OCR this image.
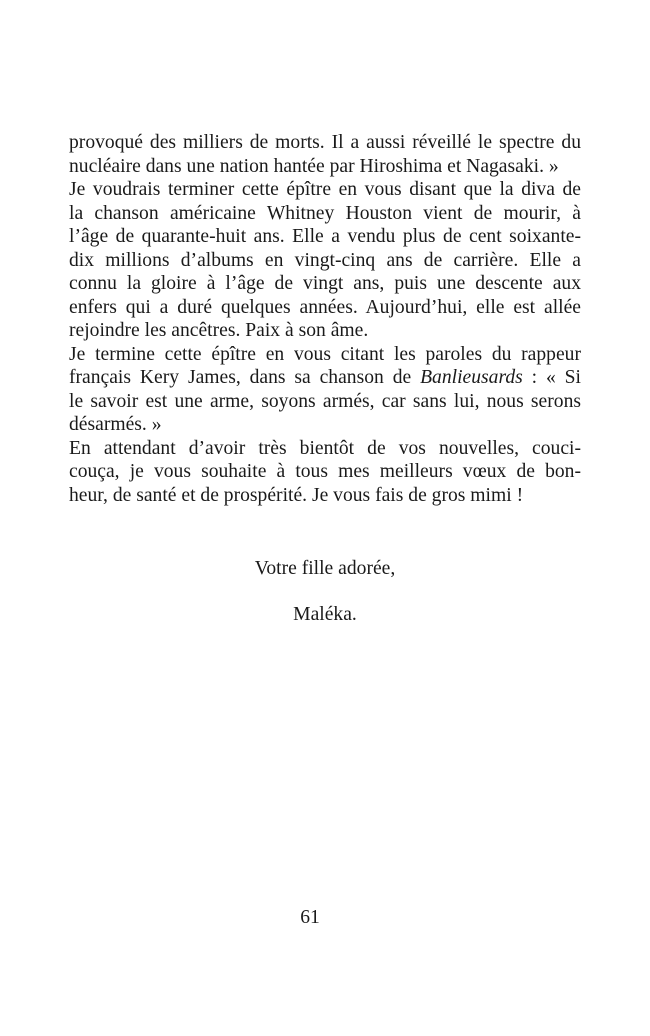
provoqué des milliers de morts. Il a aussi réveillé le spectre du
nucléaire dans une nation hantée par Hiroshima et Nagasaki. »
Je voudrais terminer cette épître en vous disant que la diva de
la chanson américaine Whitney Houston vient de mourir, à
l’âge de quarante-huit ans. Elle a vendu plus de cent soixante-
dix millions d’albums en vingt-cinq ans de carrière. Elle a
connu la gloire à l’âge de vingt ans, puis une descente aux
enfers qui a duré quelques années. Aujourd’hui, elle est allée
rejoindre les ancêtres. Paix à son âme.
Je termine cette épître en vous citant les paroles du rappeur
français Kery James, dans sa chanson de Banlieusards : « Si
le savoir est une arme, soyons armés, car sans lui, nous serons
désarmés. »
En attendant d’avoir très bientôt de vos nouvelles, couci-
couça, je vous souhaite à tous mes meilleurs vœux de bon-
heur, de santé et de prospérité. Je vous fais de gros mimi !
Votre fille adorée,
Maléka.
61
